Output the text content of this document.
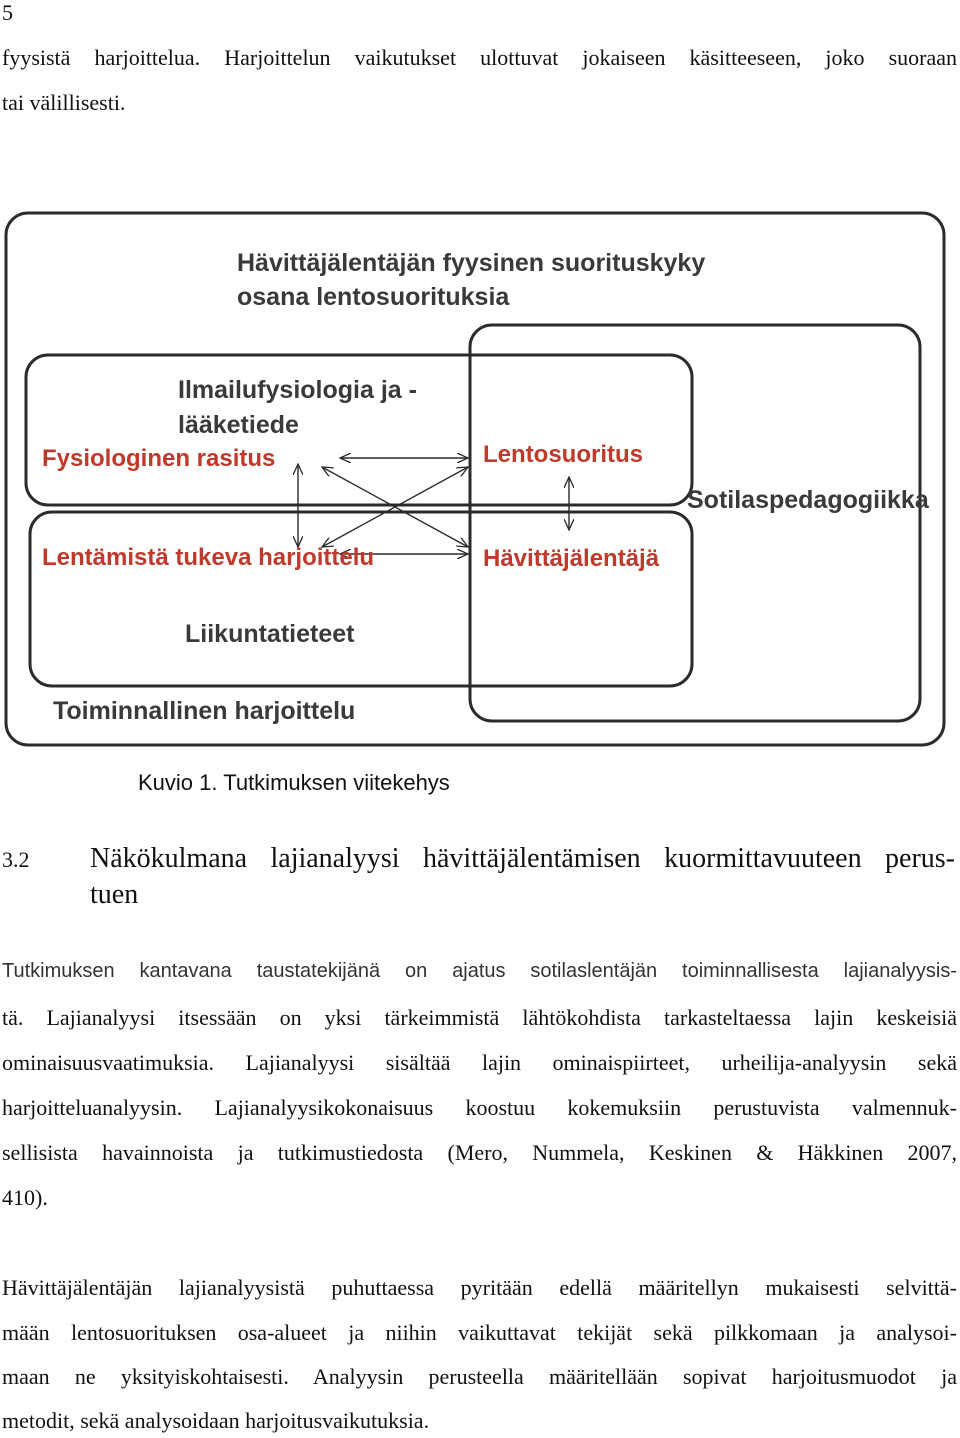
5
fyysistä harjoittelua. Harjoittelun vaikutukset ulottuvat jokaiseen käsitteeseen, joko suoraan
tai välillisesti.
Hävittäjälentäjän fyysinen suorituskyky
osana lentosuorituksia
Ilmailufysiologia ja -
lääketiede
Fysiologinen rasitus	Lentosuoritus
Sotilaspedagogiikka
Lentämistä tukeva harjoittelu	Hävittäjälentäjä
Liikuntatieteet
Toiminnallinen harjoittelu
Kuvio 1. Tutkimuksen viitekehys
3.2 Näkökulmana lajianalyysi hävittäjälentämisen kuormittavuuteen perus-
tuen
Tutkimuksen kantavana taustatekijänä on ajatus sotilaslentäjän toiminnallisesta lajianalyysis-
tä. Lajianalyysi itsessään on yksi tärkeimmistä lähtökohdista tarkasteltaessa lajin keskeisiä
ominaisuusvaatimuksia. Lajianalyysi sisältää lajin ominaispiirteet, urheilija-analyysin sekä
harjoitteluanalyysin. Lajianalyysikokonaisuus koostuu kokemuksiin perustuvista valmennuk-
sellisista havainnoista ja tutkimustiedosta (Mero, Nummela, Keskinen & Häkkinen 2007,
410).
Hävittäjälentäjän lajianalyysistä puhuttaessa pyritään edellä määritellyn mukaisesti selvittä-
mään lentosuorituksen osa-alueet ja niihin vaikuttavat tekijät sekä pilkkomaan ja analysoi-
maan ne yksityiskohtaisesti. Analyysin perusteella määritellään sopivat harjoitusmuodot ja
metodit, sekä analysoidaan harjoitusvaikutuksia.
